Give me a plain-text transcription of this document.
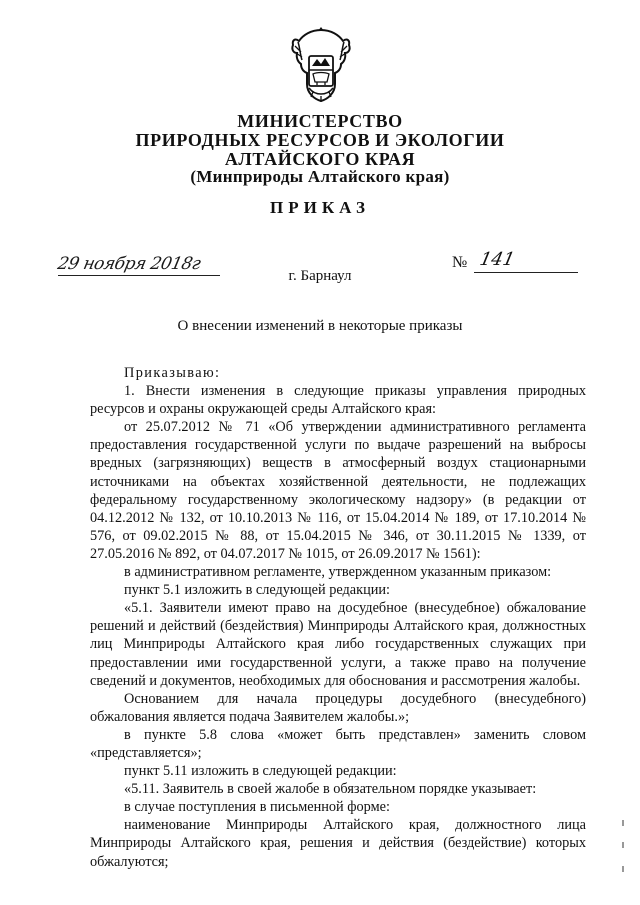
МИНИСТЕРСТВО
ПРИРОДНЫХ РЕСУРСОВ И ЭКОЛОГИИ
АЛТАЙСКОГО КРАЯ
(Минприроды Алтайского края)
ПРИКАЗ
29 ноября 2018г	№ 141
г. Барнаул
О внесении изменений в некоторые приказы

Приказываю:

1. Внести изменения в следующие приказы управления природных ресурсов и охраны окружающей среды Алтайского края:

от 25.07.2012 № 71 «Об утверждении административного регламента предоставления государственной услуги по выдаче разрешений на выбросы вредных (загрязняющих) веществ в атмосферный воздух стационарными источниками на объектах хозяйственной деятельности, не подлежащих федеральному государственному экологическому надзору» (в редакции от 04.12.2012 № 132, от 10.10.2013 № 116, от 15.04.2014 № 189, от 17.10.2014 № 576, от 09.02.2015 № 88, от 15.04.2015 № 346, от 30.11.2015 № 1339, от 27.05.2016 № 892, от 04.07.2017 № 1015, от 26.09.2017 № 1561):

в административном регламенте, утвержденном указанным приказом:

пункт 5.1 изложить в следующей редакции:

«5.1. Заявители имеют право на досудебное (внесудебное) обжалование решений и действий (бездействия) Минприроды Алтайского края, должностных лиц Минприроды Алтайского края либо государственных служащих при предоставлении ими государственной услуги, а также право на получение сведений и документов, необходимых для обоснования и рассмотрения жалобы.

Основанием для начала процедуры досудебного (внесудебного) обжалования является подача Заявителем жалобы.»;

в пункте 5.8 слова «может быть представлен» заменить словом «представляется»;

пункт 5.11 изложить в следующей редакции:

«5.11. Заявитель в своей жалобе в обязательном порядке указывает:

в случае поступления в письменной форме:

наименование Минприроды Алтайского края, должностного лица Минприроды Алтайского края, решения и действия (бездействие) которых обжалуются;
